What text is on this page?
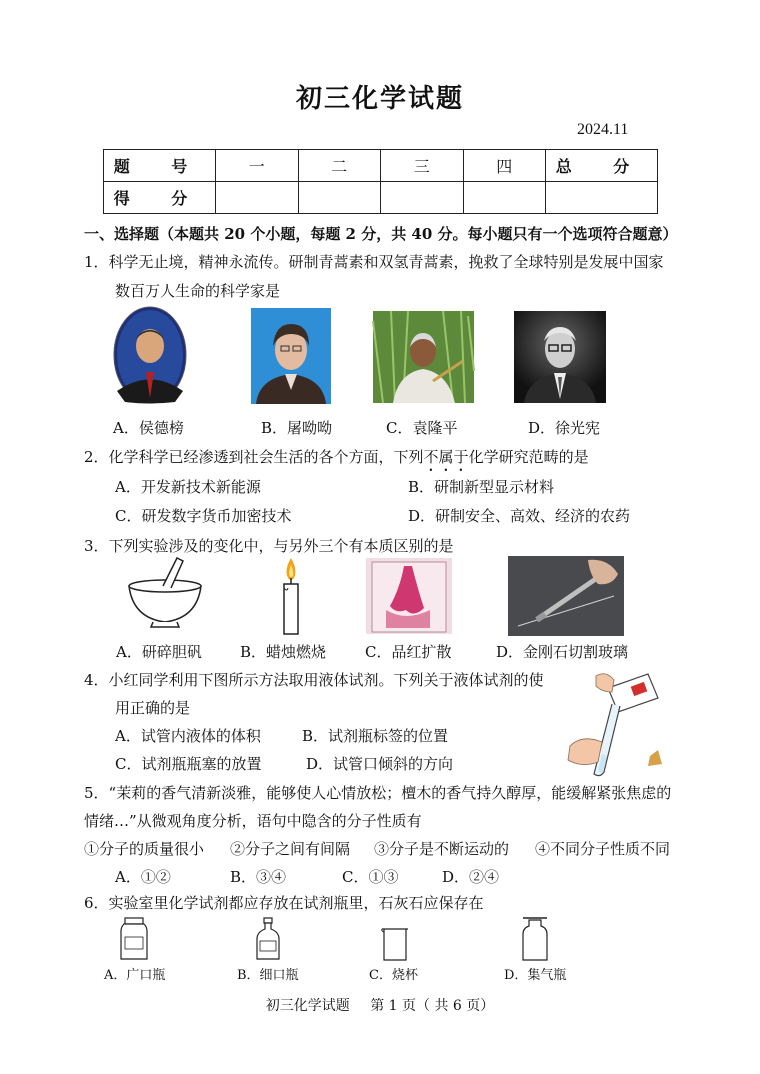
初三化学试题
2024.11
题 号	一	二	三	四	总 分
得 分					
一、选择题（本题共 20 个小题，每题 2 分，共 40 分。每小题只有一个选项符合题意）
1．科学无止境，精神永流传。研制青蒿素和双氢青蒿素，挽救了全球特别是发展中国家
数百万人生命的科学家是
A．侯德榜	B．屠呦呦	C．袁隆平	D．徐光宪
2．化学科学已经渗透到社会生活的各个方面，下列不属于化学研究范畴的是
A．开发新技术新能源	B．研制新型显示材料
C．研发数字货币加密技术	D．研制安全、高效、经济的农药
3．下列实验涉及的变化中，与另外三个有本质区别的是
A．研碎胆矾	B．蜡烛燃烧	C．品红扩散	D．金刚石切割玻璃
4．小红同学利用下图所示方法取用液体试剂。下列关于液体试剂的使
用正确的是
A．试管内液体的体积	B．试剂瓶标签的位置
C．试剂瓶瓶塞的放置	D．试管口倾斜的方向
5．“茉莉的香气清新淡雅，能够使人心情放松；檀木的香气持久醇厚，能缓解紧张焦虑的
情绪…”从微观角度分析，语句中隐含的分子性质有
①分子的质量很小 ②分子之间有间隔 ③分子是不断运动的 ④不同分子性质不同
A．①②	B．③④	C．①③	D．②④
6．实验室里化学试剂都应存放在试剂瓶里，石灰石应保存在
A．广口瓶	B．细口瓶	C．烧杯	D．集气瓶
初三化学试题 第 1 页（ 共 6 页）
